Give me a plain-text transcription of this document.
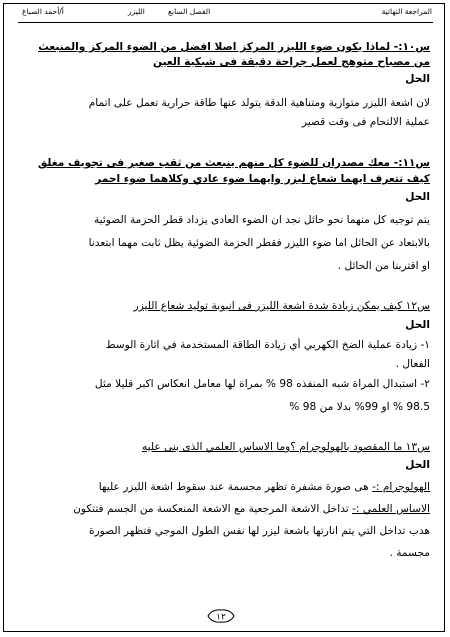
المراجعة النهائية
الفصل السابع
الليزر
أ/أحمد الصباغ
س١٠:- لماذا يكون ضوء الليزر المركز اصلا افضل من الضوء المركز والمنبعث
من مصباح متوهج لعمل جراحة دقيقة فى شبكية العين
الحل
لان اشعة الليزر متوازية ومتناهية الدقة يتولد عنها طاقة حرارية تعمل على اتمام
عملية الالتحام فى وقت قصير
س١١:- معك مصدران للضوء كل منهم ينبعث من ثقب صغير فى تجويف مغلق
كيف تتعرف ايهما شعاع ليزر وايهما ضوء عادي وكلاهما ضوء احمر
الحل
يتم توجيه كل منهما نحو حائل نجد ان الضوء العادى يزداد قطر الحزمة الضوئية
بالابتعاد عن الحائل اما ضوء الليزر فقطر الحزمة الضوئية يظل ثابت مهما ابتعدنا
او اقتربنا من الحائل .
س١٢ كيف يمكن زيادة شدة اشعة الليزر فى انبوبة توليد شعاع الليزر
الحل
١- زيادة عملية الضخ الكهربي أي زيادة الطاقة المستخدمة في اثارة الوسط
الفعال .
٢- استبدال المراة شبه المنفذه 98 % بمراة لها معامل انعكاس اكبر قليلا مثل
98.5 % او 99% بدلا من 98 %
س١٣ ما المقصود بالهولوجرام ؟وما الاساس العلمي الذى بنى عليه
الحل
الهولوجرام :- هى صورة مشفرة تظهر مجسمة عند سقوط اشعة الليزر عليها
الاساس العلمي :- تداخل الاشعة المرجعية مع الاشعة المنعكسة من الجسم فتتكون
هدب تداخل التي يتم انارتها باشعة ليزر لها نفس الطول الموجي فتظهر الصورة
مجسمة .
١٢
